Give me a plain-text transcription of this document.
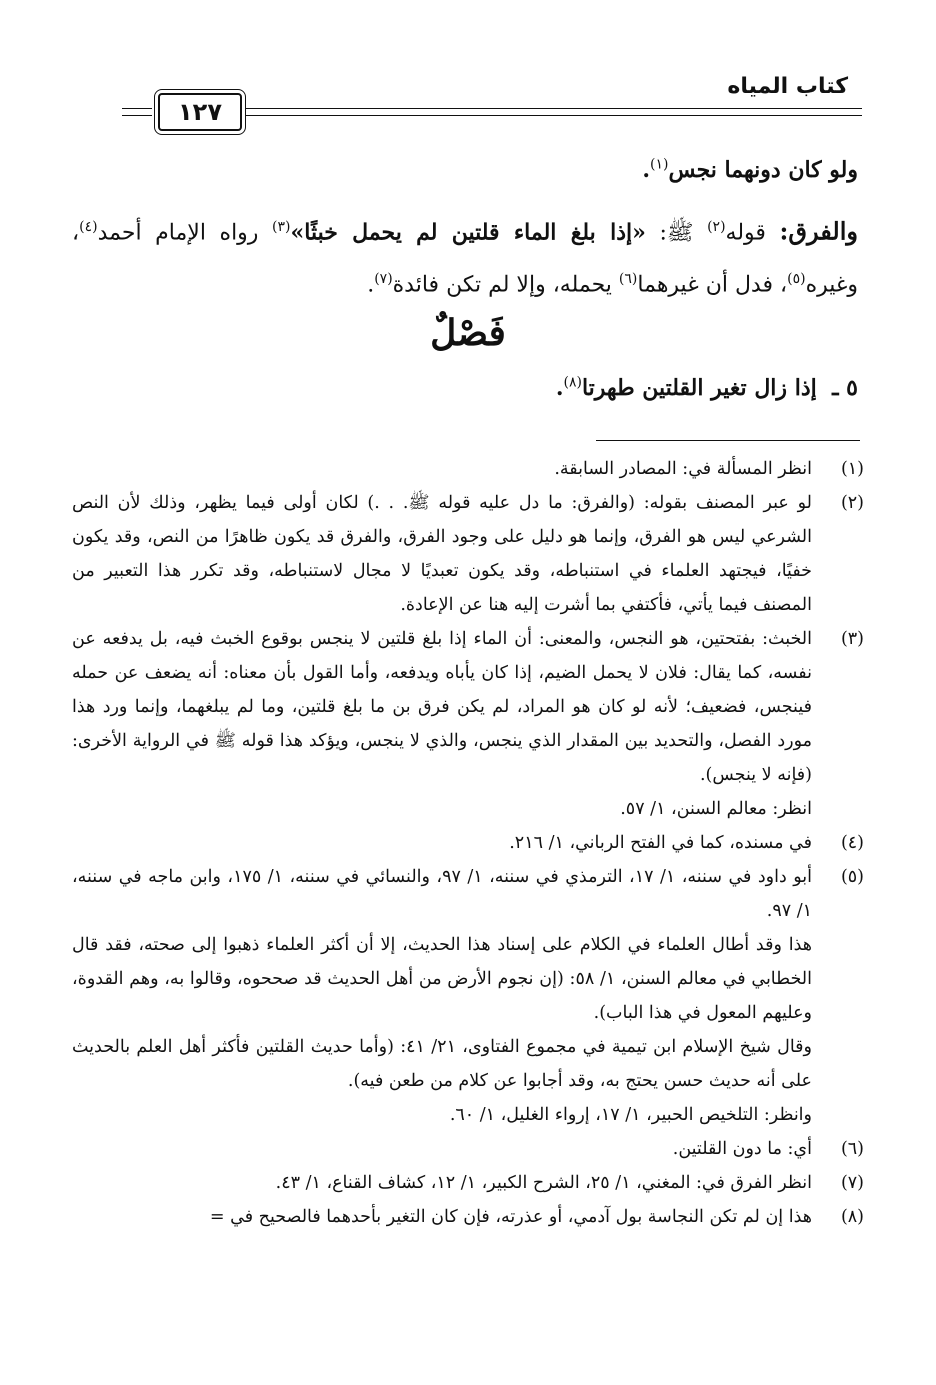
كتاب المياه
١٢٧
ولو كان دونهما نجس$^{(١)}$.
والفرق: قوله$^{(٢)}$ ﷺ: «إذا بلغ الماء قلتين لم يحمل خبثًا»$^{(٣)}$ رواه الإمام أحمد$^{(٤)}$، وغيره$^{(٥)}$، فدل أن غيرهما$^{(٦)}$ يحمله، وإلا لم تكن فائدة$^{(٧)}$.
فَصْلٌ
٥ ـ  إذا زال تغير القلتين طهرتا$^{(٨)}$.
(١)

انظر المسألة في: المصادر السابقة.

(٢)

لو عبر المصنف بقوله: (والفرق: ما دل عليه قوله ﷺ. . .) لكان أولى فيما يظهر، وذلك لأن النص الشرعي ليس هو الفرق، وإنما هو دليل على وجود الفرق، والفرق قد يكون ظاهرًا من النص، وقد يكون خفيًا، فيجتهد العلماء في استنباطه، وقد يكون تعبديًا لا مجال لاستنباطه، وقد تكرر هذا التعبير من المصنف فيما يأتي، فأكتفي بما أشرت إليه هنا عن الإعادة.

(٣)

الخبث: بفتحتين، هو النجس، والمعنى: أن الماء إذا بلغ قلتين لا ينجس بوقوع الخبث فيه، بل يدفعه عن نفسه، كما يقال: فلان لا يحمل الضيم، إذا كان يأباه ويدفعه، وأما القول بأن معناه: أنه يضعف عن حمله فينجس، فضعيف؛ لأنه لو كان هو المراد، لم يكن فرق بن ما بلغ قلتين، وما لم يبلغهما، وإنما ورد هذا مورد الفصل، والتحديد بين المقدار الذي ينجس، والذي لا ينجس، ويؤكد هذا قوله ﷺ في الرواية الأخرى: (فإنه لا ينجس).

انظر: معالم السنن، ١/ ٥٧.

(٤)

في مسنده، كما في الفتح الرباني، ١/ ٢١٦.

(٥)

أبو داود في سننه، ١/ ١٧، الترمذي في سننه، ١/ ٩٧، والنسائي في سننه، ١/ ١٧٥، وابن ماجه في سننه، ١/ ٩٧.

هذا وقد أطال العلماء في الكلام على إسناد هذا الحديث، إلا أن أكثر العلماء ذهبوا إلى صحته، فقد قال الخطابي في معالم السنن، ١/ ٥٨: (إن نجوم الأرض من أهل الحديث قد صححوه، وقالوا به، وهم القدوة، وعليهم المعول في هذا الباب).

وقال شيخ الإسلام ابن تيمية في مجموع الفتاوى، ٢١/ ٤١: (وأما حديث القلتين فأكثر أهل العلم بالحديث على أنه حديث حسن يحتج به، وقد أجابوا عن كلام من طعن فيه).

وانظر: التلخيص الحبير، ١/ ١٧، إرواء الغليل، ١/ ٦٠.

(٦)

أي: ما دون القلتين.

(٧)

انظر الفرق في: المغني، ١/ ٢٥، الشرح الكبير، ١/ ١٢، كشاف القناع، ١/ ٤٣.

(٨)

هذا إن لم تكن النجاسة بول آدمي، أو عذرته، فإن كان التغير بأحدهما فالصحيح في =
